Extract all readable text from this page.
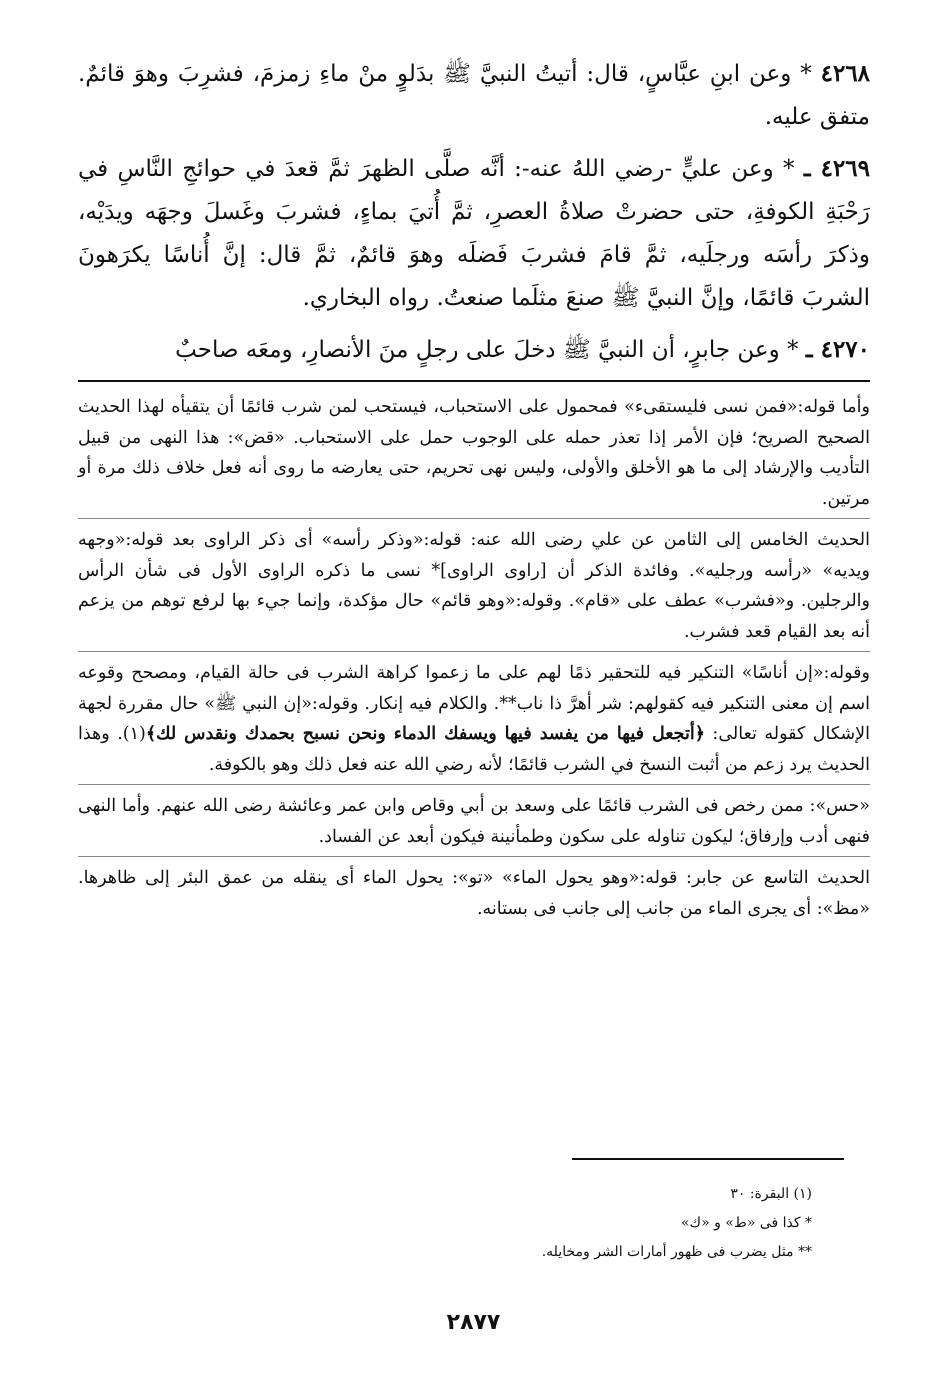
٤٢٦٨ * وعن ابنِ عبَّاسٍ، قال: أتيتُ النبيَّ ﷺ بدَلوٍ منْ ماءِ زمزمَ، فشرِبَ وهوَ قائمٌ. متفق عليه.

٤٢٦٩ ـ * وعن عليٍّ -رضي اللهُ عنه-: أنَّه صلَّى الظهرَ ثمَّ قعدَ في حوائجِ النَّاسِ في رَحْبَةِ الكوفةِ، حتى حضرتْ صلاةُ العصرِ، ثمَّ أُتيَ بماءٍ، فشربَ وغَسلَ وجهَه ويدَيْه، وذكرَ رأسَه ورجلَيه، ثمَّ قامَ فشربَ فَضلَه وهوَ قائمٌ، ثمَّ قال: إنَّ أُناسًا يكرَهونَ الشربَ قائمًا، وإنَّ النبيَّ ﷺ صنعَ مثلَما صنعتُ. رواه البخاري.

٤٢٧٠ ـ * وعن جابرٍ، أن النبيَّ ﷺ دخلَ على رجلٍ منَ الأنصارِ، ومعَه صاحبٌ

وأما قوله:«فمن نسى فليستقىء» فمحمول على الاستحباب، فيستحب لمن شرب قائمًا أن يتقيأه لهذا الحديث الصحيح الصريح؛ فإن الأمر إذا تعذر حمله على الوجوب حمل على الاستحباب. «قض»: هذا النهى من قبيل التأديب والإرشاد إلى ما هو الأخلق والأولى، وليس نهى تحريم، حتى يعارضه ما روى أنه فعل خلاف ذلك مرة أو مرتين.

الحديث الخامس إلى الثامن عن علي رضى الله عنه: قوله:«وذكر رأسه» أى ذكر الراوى بعد قوله:«وجهه ويديه» «رأسه ورجليه». وفائدة الذكر أن [راوى الراوى]* نسى ما ذكره الراوى الأول فى شأن الرأس والرجلين. و«فشرب» عطف على «قام». وقوله:«وهو قائم» حال مؤكدة، وإنما جيء بها لرفع توهم من يزعم أنه بعد القيام قعد فشرب.

وقوله:«إن أناسًا» التنكير فيه للتحقير ذمًا لهم على ما زعموا كراهة الشرب فى حالة القيام، ومصحح وقوعه اسم إن معنى التنكير فيه كقولهم: شر أهرَّ ذا ناب**. والكلام فيه إنكار. وقوله:«إن النبي ﷺ» حال مقررة لجهة الإشكال كقوله تعالى: ﴿أتجعل فيها من يفسد فيها ويسفك الدماء ونحن نسبح بحمدك ونقدس لك﴾(١). وهذا الحديث يرد زعم من أثبت النسخ في الشرب قائمًا؛ لأنه رضي الله عنه فعل ذلك وهو بالكوفة.

«حس»: ممن رخص فى الشرب قائمًا على وسعد بن أبي وقاص وابن عمر وعائشة رضى الله عنهم. وأما النهى فنهى أدب وإرفاق؛ ليكون تناوله على سكون وطمأنينة فيكون أبعد عن الفساد.

الحديث التاسع عن جابر: قوله:«وهو يحول الماء» «تو»: يحول الماء أى ينقله من عمق البئر إلى ظاهرها. «مظ»: أى يجرى الماء من جانب إلى جانب فى بستانه.

(١) البقرة: ٣٠
* كذا فى «ط» و «ك»
** مثل يضرب فى ظهور أمارات الشر ومخايله.
٢٨٧٧
